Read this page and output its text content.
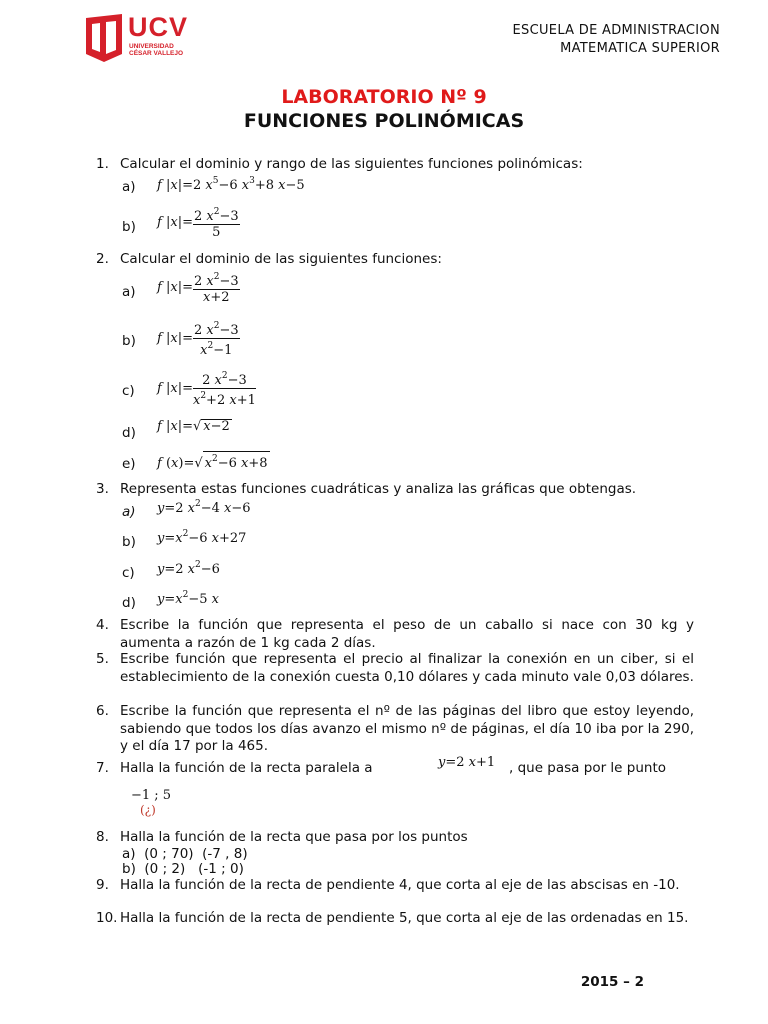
UCV
UNIVERSIDAD
CÉSAR VALLEJO
ESCUELA DE ADMINISTRACION
MATEMATICA SUPERIOR
LABORATORIO Nº 9
FUNCIONES POLINÓMICAS
1. Calcular el dominio y rango de las siguientes funciones polinómicas:
a) f |x|=2 $x^5-6$ $x^3+8$ x−5
b) f $|x|= \frac{2 x^2-3}{5}$
2. Calcular el dominio de las siguientes funciones:
a) f $|x|= \frac{2 x^2-3}{x+2}$
b) f $|x|= \frac{2 x^2-3}{x^2-1}$
c) f $|x|= \frac{2 x^2-3}{x^2+2 x+1}$
d) f |x|=√ x−2
e) f (x)=√ $x^2-6$ x+8
3. Representa estas funciones cuadráticas y analiza las gráficas que obtengas.
a) y=2 $x^2-4$ x−6
b) $y=x^2-6$ x+27
c) y=2 $x^2-6$
d) $y=x^2-5$ x
4. Escribe la función que representa el peso de un caballo si nace con 30 kg y aumenta a razón de 1 kg cada 2 días.
5. Escribe función que representa el precio al finalizar la conexión en un ciber, si el establecimiento de la conexión cuesta 0,10 dólares y cada minuto vale 0,03 dólares.
6. Escribe la función que representa el nº de las páginas del libro que estoy leyendo, sabiendo que todos los días avanzo el mismo nº de páginas, el día 10 iba por la 290, y el día 17 por la 465.
7. Halla la función de la recta paralela a	y=2 x+1 , que pasa por le punto
−1 ; 5
(¿)
8. Halla la función de la recta que pasa por los puntos
a)  (0 ; 70)  (-7 , 8)
b)  (0 ; 2)   (-1 ; 0)
9. Halla la función de la recta de pendiente 4, que corta al eje de las abscisas en -10.
10. Halla la función de la recta de pendiente 5, que corta al eje de las ordenadas en 15.
2015 – 2
